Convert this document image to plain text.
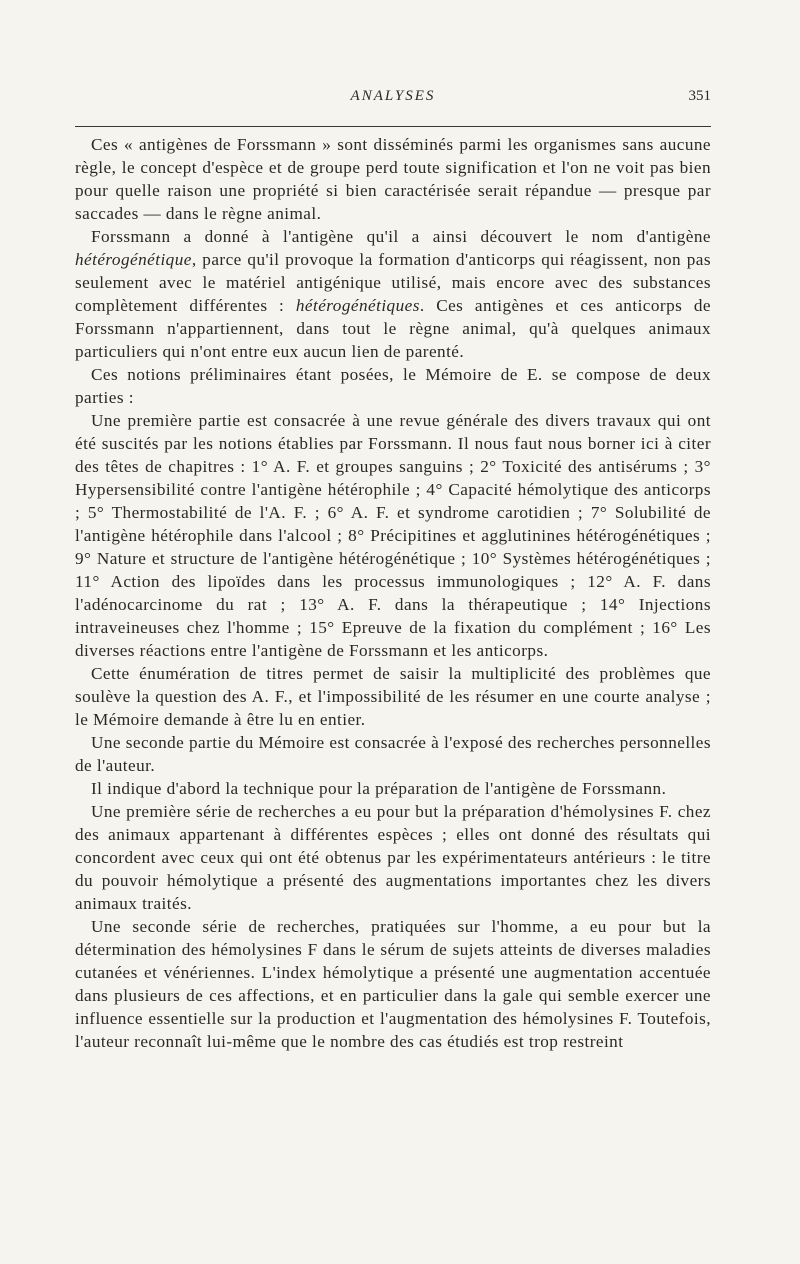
ANALYSES	351

Ces « antigènes de Forssmann » sont disséminés parmi les organismes sans aucune règle, le concept d'espèce et de groupe perd toute signification et l'on ne voit pas bien pour quelle raison une propriété si bien caractérisée serait répandue — presque par saccades — dans le règne animal.

Forssmann a donné à l'antigène qu'il a ainsi découvert le nom d'antigène hétérogénétique, parce qu'il provoque la formation d'anticorps qui réagissent, non pas seulement avec le matériel antigénique utilisé, mais encore avec des substances complètement différentes : hétérogénétiques. Ces antigènes et ces anticorps de Forssmann n'appartiennent, dans tout le règne animal, qu'à quelques animaux particuliers qui n'ont entre eux aucun lien de parenté.

Ces notions préliminaires étant posées, le Mémoire de E. se compose de deux parties :

Une première partie est consacrée à une revue générale des divers travaux qui ont été suscités par les notions établies par Forssmann. Il nous faut nous borner ici à citer des têtes de chapitres : 1° A. F. et groupes sanguins ; 2° Toxicité des antisérums ; 3° Hypersensibilité contre l'antigène hétérophile ; 4° Capacité hémolytique des anticorps ; 5° Thermostabilité de l'A. F. ; 6° A. F. et syndrome carotidien ; 7° Solubilité de l'antigène hétérophile dans l'alcool ; 8° Précipitines et agglutinines hétérogénétiques ; 9° Nature et structure de l'antigène hétérogénétique ; 10° Systèmes hétérogénétiques ; 11° Action des lipoïdes dans les processus immunologiques ; 12° A. F. dans l'adénocarcinome du rat ; 13° A. F. dans la thérapeutique ; 14° Injections intraveineuses chez l'homme ; 15° Epreuve de la fixation du complément ; 16° Les diverses réactions entre l'antigène de Forssmann et les anticorps.

Cette énumération de titres permet de saisir la multiplicité des problèmes que soulève la question des A. F., et l'impossibilité de les résumer en une courte analyse ; le Mémoire demande à être lu en entier.

Une seconde partie du Mémoire est consacrée à l'exposé des recherches personnelles de l'auteur.

Il indique d'abord la technique pour la préparation de l'antigène de Forssmann.

Une première série de recherches a eu pour but la préparation d'hémolysines F. chez des animaux appartenant à différentes espèces ; elles ont donné des résultats qui concordent avec ceux qui ont été obtenus par les expérimentateurs antérieurs : le titre du pouvoir hémolytique a présenté des augmentations importantes chez les divers animaux traités.

Une seconde série de recherches, pratiquées sur l'homme, a eu pour but la détermination des hémolysines F dans le sérum de sujets atteints de diverses maladies cutanées et vénériennes. L'index hémolytique a présenté une augmentation accentuée dans plusieurs de ces affections, et en particulier dans la gale qui semble exercer une influence essentielle sur la production et l'augmentation des hémolysines F. Toutefois, l'auteur reconnaît lui-même que le nombre des cas étudiés est trop restreint
